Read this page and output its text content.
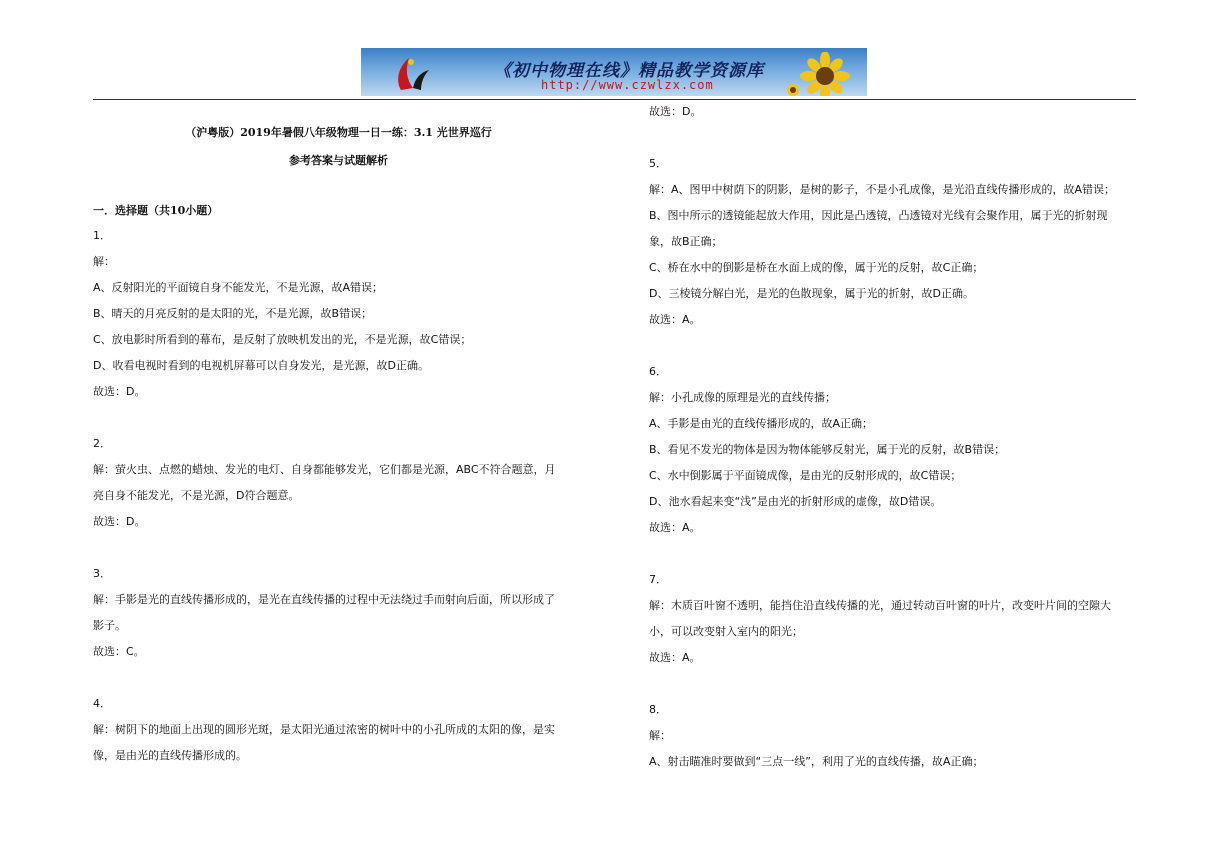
《初中物理在线》精品教学资源库
http://www.czwlzx.com
（沪粤版）2019年暑假八年级物理一日一练：3.1 光世界巡行
参考答案与试题解析
一．选择题（共10小题）

1．

解：

A、反射阳光的平面镜自身不能发光，不是光源，故A错误；

B、晴天的月亮反射的是太阳的光，不是光源，故B错误；

C、放电影时所看到的幕布，是反射了放映机发出的光，不是光源，故C错误；

D、收看电视时看到的电视机屏幕可以自身发光，是光源，故D正确。

故选：D。

2．

解：萤火虫、点燃的蜡烛、发光的电灯、自身都能够发光，它们都是光源，ABC不符合题意，月

亮自身不能发光，不是光源，D符合题意。

故选：D。

3．

解：手影是光的直线传播形成的，是光在直线传播的过程中无法绕过手而射向后面，所以形成了

影子。

故选：C。

4．

解：树阴下的地面上出现的圆形光斑，是太阳光通过浓密的树叶中的小孔所成的太阳的像，是实

像，是由光的直线传播形成的。

故选：D。

5．

解：A、图甲中树荫下的阴影，是树的影子，不是小孔成像，是光沿直线传播形成的，故A错误；

B、图中所示的透镜能起放大作用，因此是凸透镜，凸透镜对光线有会聚作用，属于光的折射现

象，故B正确；

C、桥在水中的倒影是桥在水面上成的像，属于光的反射，故C正确；

D、三棱镜分解白光，是光的色散现象，属于光的折射，故D正确。

故选：A。

6．

解：小孔成像的原理是光的直线传播；

A、手影是由光的直线传播形成的，故A正确；

B、看见不发光的物体是因为物体能够反射光，属于光的反射，故B错误；

C、水中倒影属于平面镜成像，是由光的反射形成的，故C错误；

D、池水看起来变“浅”是由光的折射形成的虚像，故D错误。

故选：A。

7．

解：木质百叶窗不透明，能挡住沿直线传播的光，通过转动百叶窗的叶片，改变叶片间的空隙大

小，可以改变射入室内的阳光；

故选：A。

8．

解：

A、射击瞄准时要做到“三点一线”，利用了光的直线传播，故A正确；
